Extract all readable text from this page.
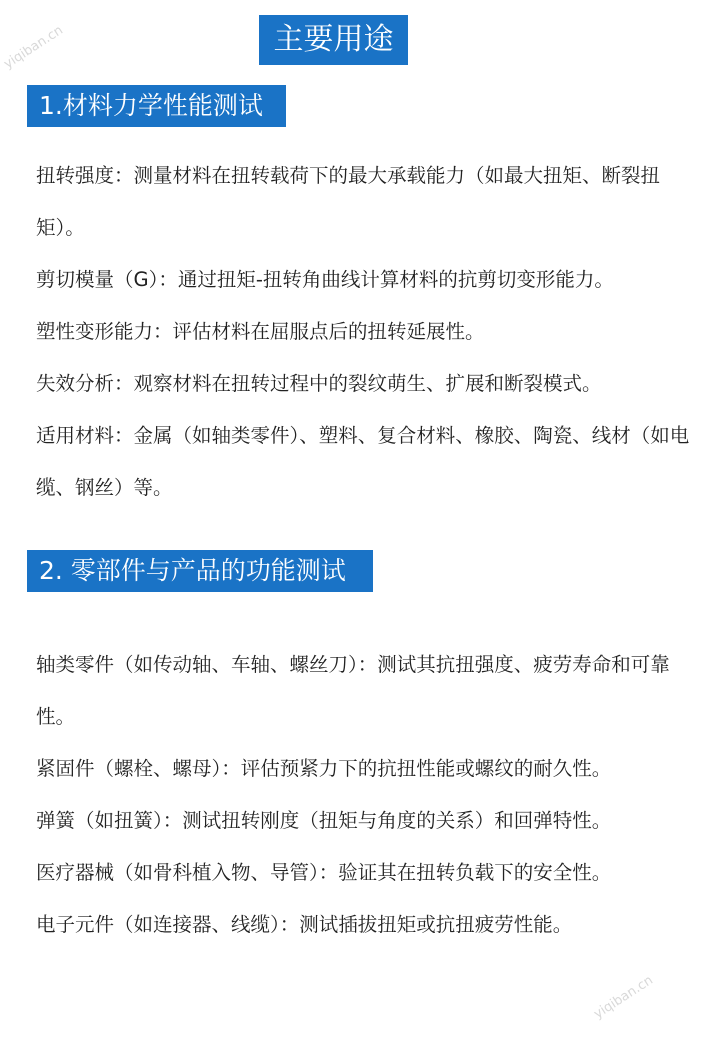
yiqiban.cn	主要用途
1.材料力学性能测试

扭转强度：测量材料在扭转载荷下的最大承载能力（如最大扭矩、断裂扭矩）。

剪切模量（G）：通过扭矩-扭转角曲线计算材料的抗剪切变形能力。

塑性变形能力：评估材料在屈服点后的扭转延展性。

失效分析：观察材料在扭转过程中的裂纹萌生、扩展和断裂模式。

适用材料：金属（如轴类零件）、塑料、复合材料、橡胶、陶瓷、线材（如电缆、钢丝）等。

2. 零部件与产品的功能测试

轴类零件（如传动轴、车轴、螺丝刀）：测试其抗扭强度、疲劳寿命和可靠性。

紧固件（螺栓、螺母）：评估预紧力下的抗扭性能或螺纹的耐久性。

弹簧（如扭簧）：测试扭转刚度（扭矩与角度的关系）和回弹特性。

医疗器械（如骨科植入物、导管）：验证其在扭转负载下的安全性。

电子元件（如连接器、线缆）：测试插拔扭矩或抗扭疲劳性能。

yiqiban.cn
